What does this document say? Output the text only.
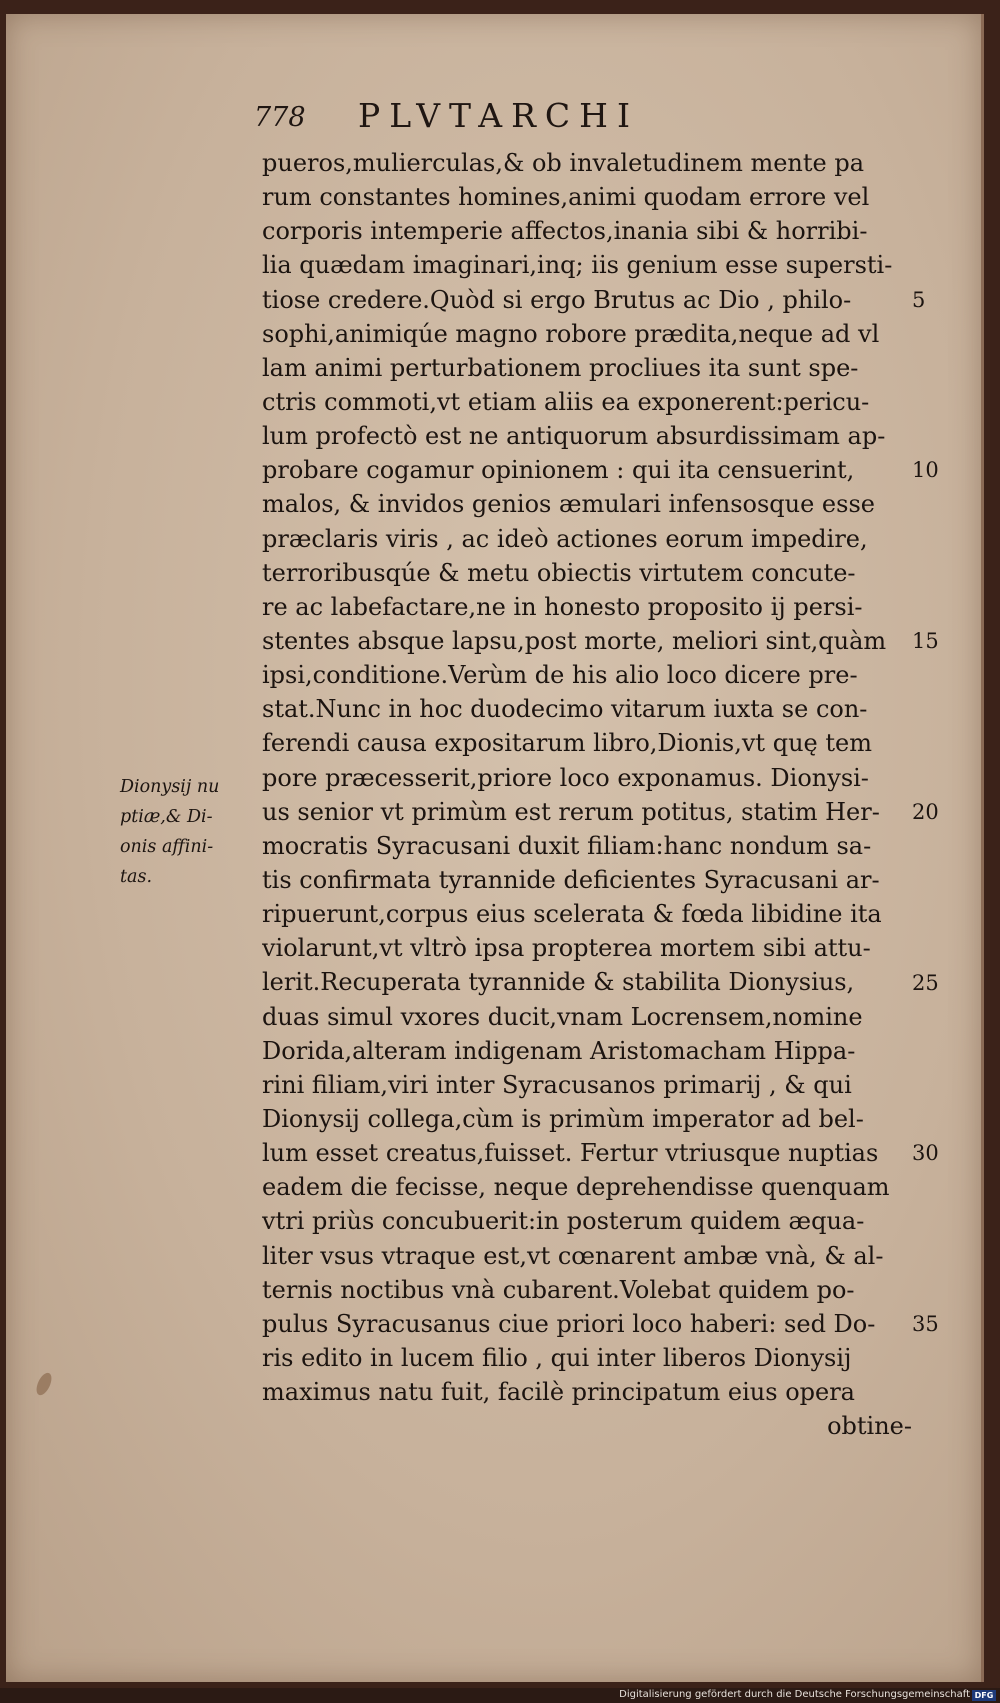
778 PLVTARCHI
Dionysij nu
ptiæ,& Di-
onis affini-
tas.
pueros,mulierculas,& ob invaletudinem mente pa
rum constantes homines,animi quodam errore vel
corporis intemperie affectos,inania sibi & horribi-
lia quædam imaginari,inq; iis genium esse supersti-
tiose credere.Quòd si ergo Brutus ac Dio , philo-
sophi,animiqúe magno robore prædita,neque ad vl
lam animi perturbationem procliues ita sunt spe-
ctris commoti,vt etiam aliis ea exponerent:pericu-
lum profectò est ne antiquorum absurdissimam ap-
probare cogamur opinionem : qui ita censuerint,
malos, & invidos genios æmulari infensosque esse
præclaris viris , ac ideò actiones eorum impedire,
terroribusqúe & metu obiectis virtutem concute-
re ac labefactare,ne in honesto proposito ij persi-
stentes absque lapsu,post morte, meliori sint,quàm
ipsi,conditione.Verùm de his alio loco dicere pre-
stat.Nunc in hoc duodecimo vitarum iuxta se con-
ferendi causa expositarum libro,Dionis,vt quę tem
pore præcesserit,priore loco exponamus. Dionysi-
us senior vt primùm est rerum potitus, statim Her-
mocratis Syracusani duxit filiam:hanc nondum sa-
tis confirmata tyrannide deficientes Syracusani ar-
ripuerunt,corpus eius scelerata & fœda libidine ita
violarunt,vt vltrò ipsa propterea mortem sibi attu-
lerit.Recuperata tyrannide & stabilita Dionysius,
duas simul vxores ducit,vnam Locrensem,nomine
Dorida,alteram indigenam Aristomacham Hippa-
rini filiam,viri inter Syracusanos primarij , & qui
Dionysij collega,cùm is primùm imperator ad bel-
lum esset creatus,fuisset. Fertur vtriusque nuptias
eadem die fecisse, neque deprehendisse quenquam
vtri priùs concubuerit:in posterum quidem æqua-
liter vsus vtraque est,vt cœnarent ambæ vnà, & al-
ternis noctibus vnà cubarent.Volebat quidem po-
pulus Syracusanus ciue priori loco haberi: sed Do-
ris edito in lucem filio , qui inter liberos Dionysij
maximus natu fuit, facilè principatum eius opera
obtine-
5
10
15
20
25
30
35
Digitalisierung gefördert durch die Deutsche Forschungsgemeinschaft DFG
